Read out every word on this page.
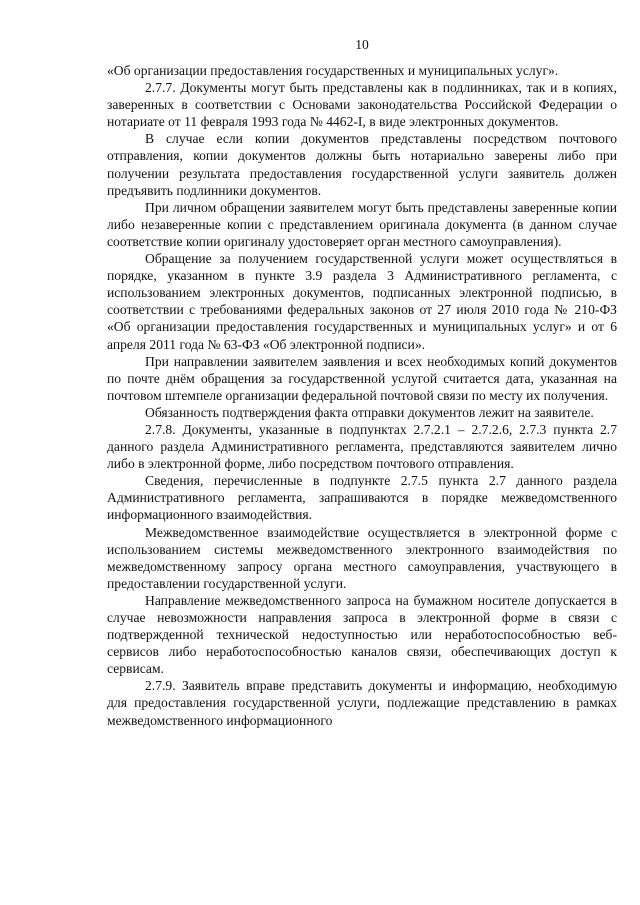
10

«Об организации предоставления государственных и муниципальных услуг».

2.7.7. Документы могут быть представлены как в подлинниках, так и в копиях, заверенных в соответствии с Основами законодательства Российской Федерации о нотариате от 11 февраля 1993 года № 4462-I, в виде электронных документов.

В случае если копии документов представлены посредством почтового отправления, копии документов должны быть нотариально заверены либо при получении результата предоставления государственной услуги заявитель должен предъявить подлинники документов.

При личном обращении заявителем могут быть представлены заверенные копии либо незаверенные копии с представлением оригинала документа (в данном случае соответствие копии оригиналу удостоверяет орган местного самоуправления).

Обращение за получением государственной услуги может осуществляться в порядке, указанном в пункте 3.9 раздела 3 Административного регламента, с использованием электронных документов, подписанных электронной подписью, в соответствии с требованиями федеральных законов от 27 июля 2010 года № 210-ФЗ «Об организации предоставления государственных и муниципальных услуг» и от 6 апреля 2011 года № 63-ФЗ «Об электронной подписи».

При направлении заявителем заявления и всех необходимых копий документов по почте днём обращения за государственной услугой считается дата, указанная на почтовом штемпеле организации федеральной почтовой связи по месту их получения.

Обязанность подтверждения факта отправки документов лежит на заявителе.

2.7.8. Документы, указанные в подпунктах 2.7.2.1 – 2.7.2.6, 2.7.3 пункта 2.7 данного раздела Административного регламента, представляются заявителем лично либо в электронной форме, либо посредством почтового отправления.

Сведения, перечисленные в подпункте 2.7.5 пункта 2.7 данного раздела Административного регламента, запрашиваются в порядке межведомственного информационного взаимодействия.

Межведомственное взаимодействие осуществляется в электронной форме с использованием системы межведомственного электронного взаимодействия по межведомственному запросу органа местного самоуправления, участвующего в предоставлении государственной услуги.

Направление межведомственного запроса на бумажном носителе допускается в случае невозможности направления запроса в электронной форме в связи с подтвержденной технической недоступностью или неработоспособностью веб-сервисов либо неработоспособностью каналов связи, обеспечивающих доступ к сервисам.

2.7.9. Заявитель вправе представить документы и информацию, необходимую для предоставления государственной услуги, подлежащие представлению в рамках межведомственного информационного
